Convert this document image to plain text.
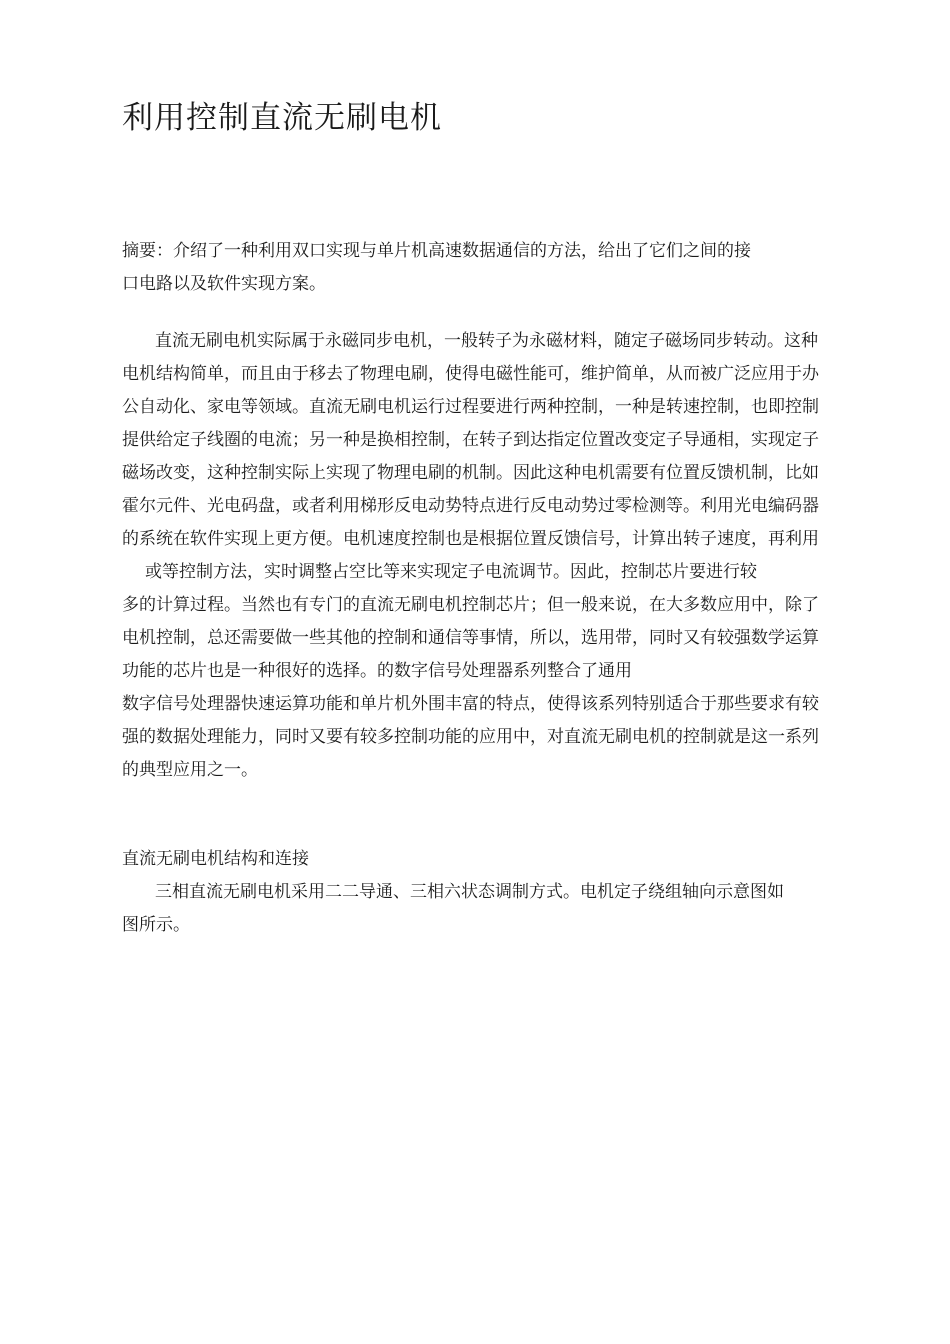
利用控制直流无刷电机
摘要：介绍了一种利用双口实现与单片机高速数据通信的方法，给出了它们之间的接
口电路以及软件实现方案。
直流无刷电机实际属于永磁同步电机，一般转子为永磁材料，随定子磁场同步转动。这种
电机结构简单，而且由于移去了物理电刷，使得电磁性能可，维护简单，从而被广泛应用于办
公自动化、家电等领域。直流无刷电机运行过程要进行两种控制，一种是转速控制，也即控制
提供给定子线圈的电流；另一种是换相控制，在转子到达指定位置改变定子导通相，实现定子
磁场改变，这种控制实际上实现了物理电刷的机制。因此这种电机需要有位置反馈机制，比如
霍尔元件、光电码盘，或者利用梯形反电动势特点进行反电动势过零检测等。利用光电编码器
的系统在软件实现上更方便。电机速度控制也是根据位置反馈信号，计算出转子速度，再利用
或等控制方法，实时调整占空比等来实现定子电流调节。因此，控制芯片要进行较
多的计算过程。当然也有专门的直流无刷电机控制芯片；但一般来说，在大多数应用中，除了
电机控制，总还需要做一些其他的控制和通信等事情，所以，选用带，同时又有较强数学运算
功能的芯片也是一种很好的选择。的数字信号处理器系列整合了通用
数字信号处理器快速运算功能和单片机外围丰富的特点，使得该系列特别适合于那些要求有较
强的数据处理能力，同时又要有较多控制功能的应用中，对直流无刷电机的控制就是这一系列
的典型应用之一。
直流无刷电机结构和连接
三相直流无刷电机采用二二导通、三相六状态调制方式。电机定子绕组轴向示意图如
图所示。
